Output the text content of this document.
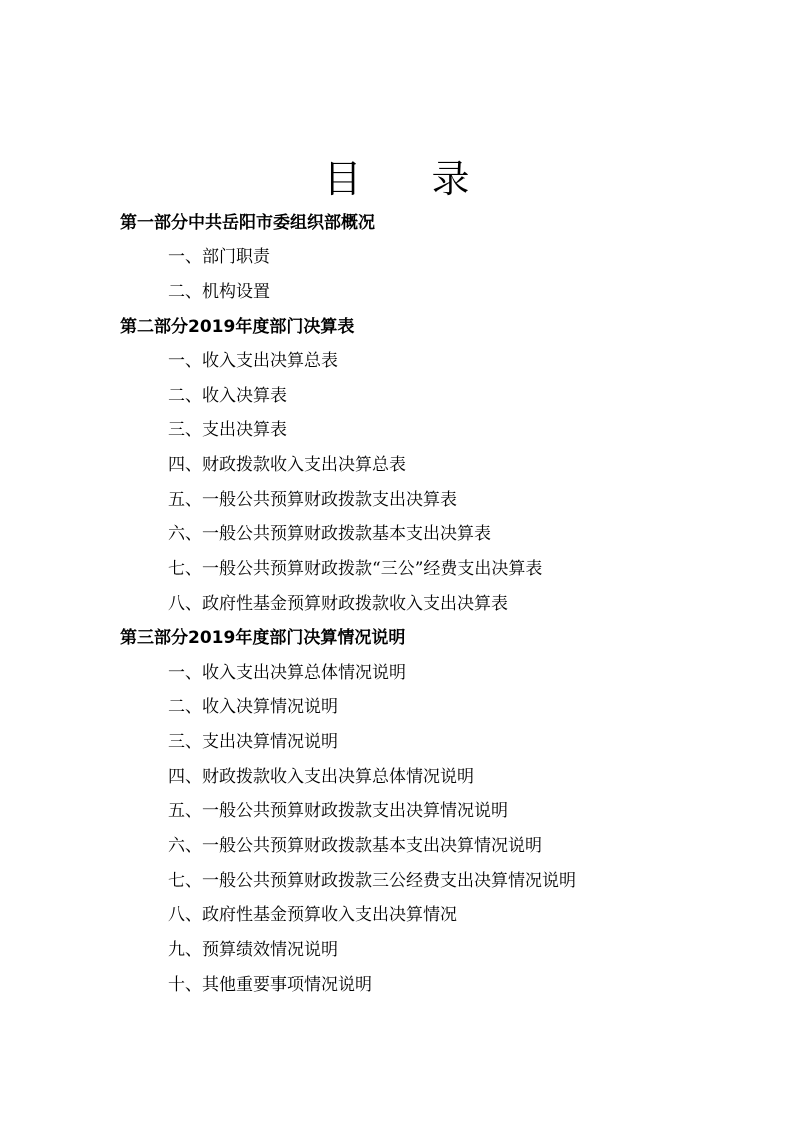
目 录
第一部分中共岳阳市委组织部概况
一、部门职责
二、机构设置
第二部分2019年度部门决算表
一、收入支出决算总表
二、收入决算表
三、支出决算表
四、财政拨款收入支出决算总表
五、一般公共预算财政拨款支出决算表
六、一般公共预算财政拨款基本支出决算表
七、一般公共预算财政拨款“三公”经费支出决算表
八、政府性基金预算财政拨款收入支出决算表
第三部分2019年度部门决算情况说明
一、收入支出决算总体情况说明
二、收入决算情况说明
三、支出决算情况说明
四、财政拨款收入支出决算总体情况说明
五、一般公共预算财政拨款支出决算情况说明
六、一般公共预算财政拨款基本支出决算情况说明
七、一般公共预算财政拨款三公经费支出决算情况说明
八、政府性基金预算收入支出决算情况
九、预算绩效情况说明
十、其他重要事项情况说明
